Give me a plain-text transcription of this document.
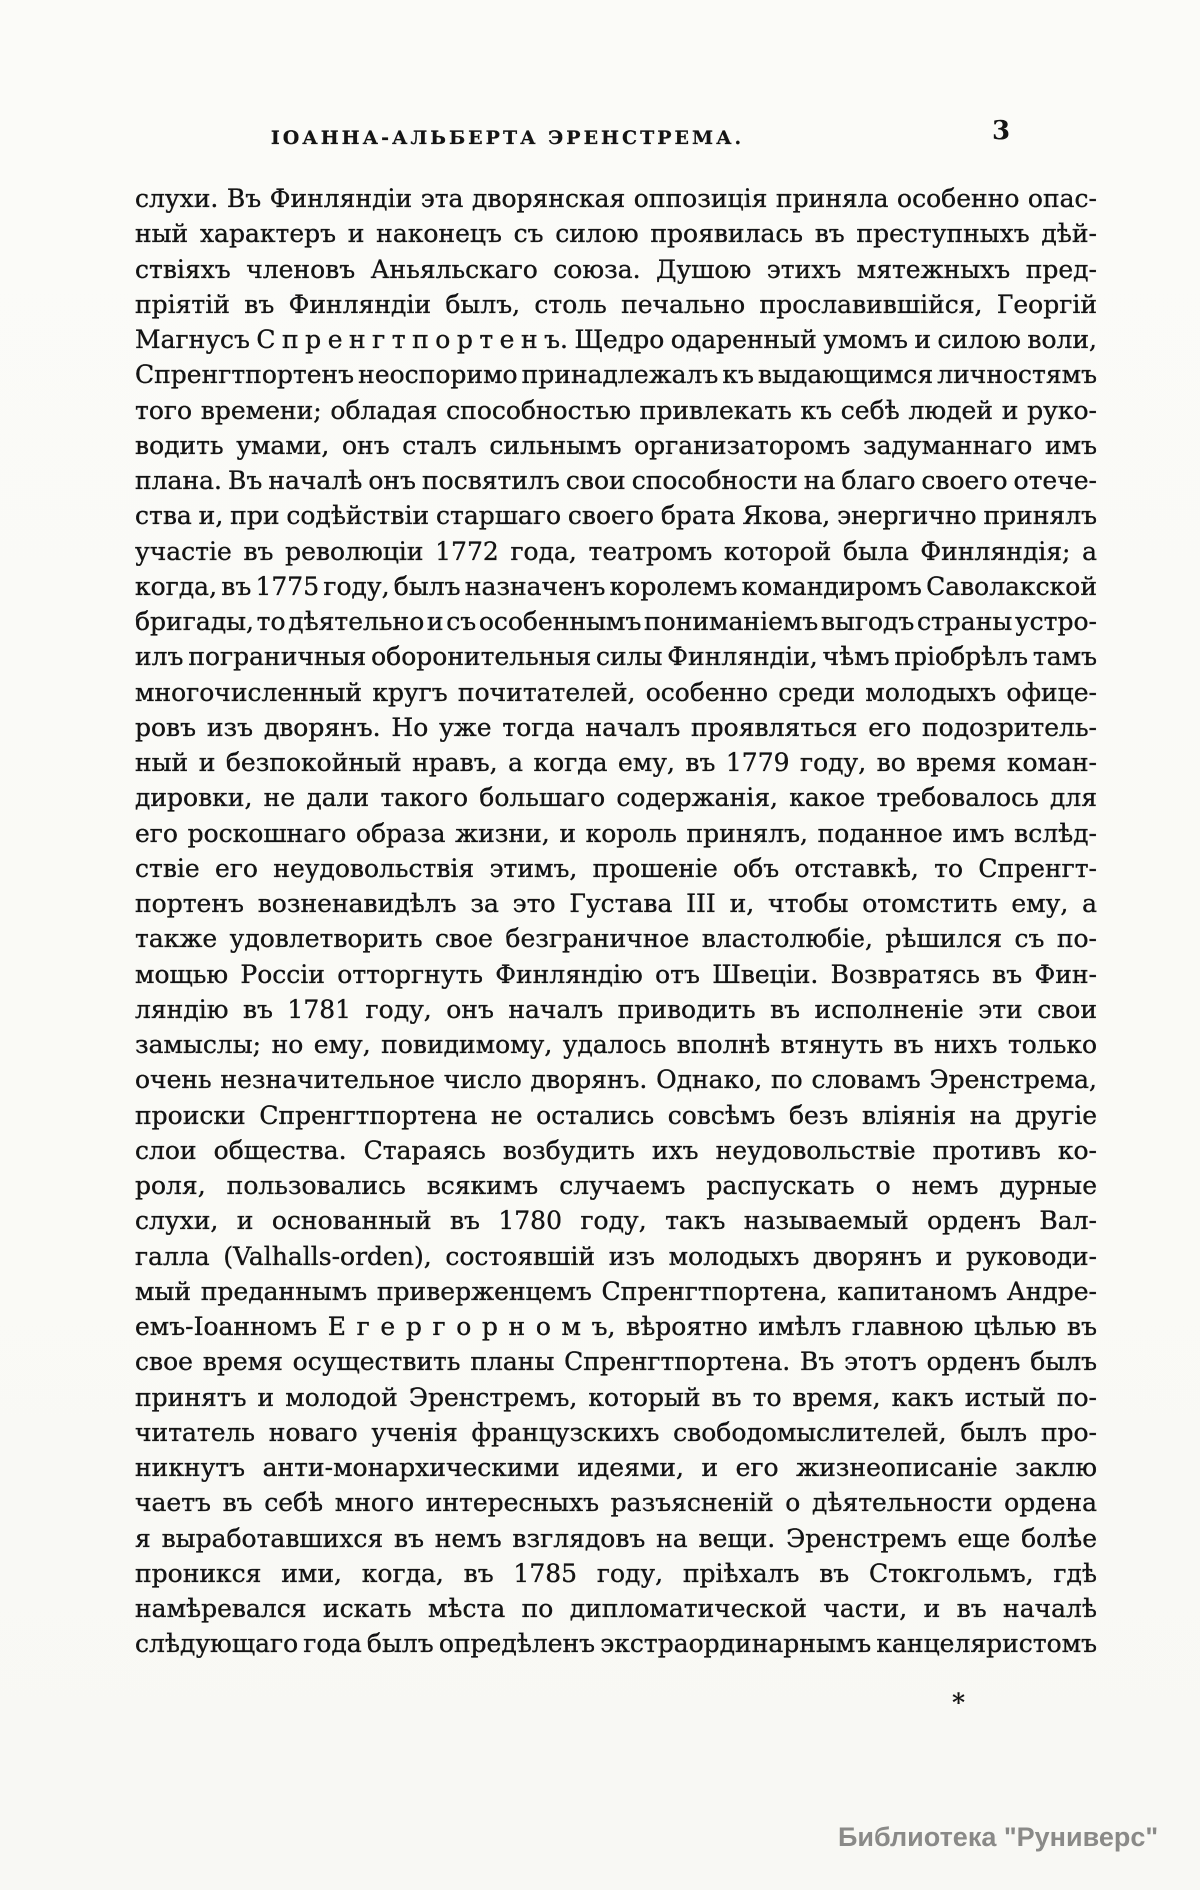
ІОАННА-АЛЬБЕРТА ЭРЕНСТРЕМА.	3
слухи. Въ Финляндіи эта дворянская оппозиція приняла особенно опас-
ный характеръ и наконецъ съ силою проявилась въ преступныхъ дѣй-
ствіяхъ членовъ Аньяльскаго союза. Душою этихъ мятежныхъ пред-
пріятій въ Финляндіи былъ, столь печально прославившійся, Георгій
Магнусъ С п р е н г т п о р т е н ъ. Щедро одаренный умомъ и силою воли,
Спренгтпортенъ неоспоримо принадлежалъ къ выдающимся личностямъ
того времени; обладая способностью привлекать къ себѣ людей и руко-
водить умами, онъ сталъ сильнымъ организаторомъ задуманнаго имъ
плана. Въ началѣ онъ посвятилъ свои способности на благо своего отече-
ства и, при содѣйствіи старшаго своего брата Якова, энергично принялъ
участіе въ революціи 1772 года, театромъ которой была Финляндія; а
когда, въ 1775 году, былъ назначенъ королемъ командиромъ Саволакской
бригады, то дѣятельно и съ особеннымъ пониманіемъ выгодъ страны устро-
илъ пограничныя оборонительныя силы Финляндіи, чѣмъ пріобрѣлъ тамъ
многочисленный кругъ почитателей, особенно среди молодыхъ офице-
ровъ изъ дворянъ. Но уже тогда началъ проявляться его подозритель-
ный и безпокойный нравъ, а когда ему, въ 1779 году, во время коман-
дировки, не дали такого большаго содержанія, какое требовалось для
его роскошнаго образа жизни, и король принялъ, поданное имъ вслѣд-
ствіе его неудовольствія этимъ, прошеніе объ отставкѣ, то Спренгт-
портенъ возненавидѣлъ за это Густава III и, чтобы отомстить ему, а
также удовлетворить свое безграничное властолюбіе, рѣшился съ по-
мощью Россіи отторгнуть Финляндію отъ Швеціи. Возвратясь въ Фин-
ляндію въ 1781 году, онъ началъ приводить въ исполненіе эти свои
замыслы; но ему, повидимому, удалось вполнѣ втянуть въ нихъ только
очень незначительное число дворянъ. Однако, по словамъ Эренстрема,
происки Спренгтпортена не остались совсѣмъ безъ вліянія на другіе
слои общества. Стараясь возбудить ихъ неудовольствіе противъ ко-
роля, пользовались всякимъ случаемъ распускать о немъ дурные
слухи, и основанный въ 1780 году, такъ называемый орденъ Вал-
галла (Valhalls-orden), состоявшій изъ молодыхъ дворянъ и руководи-
мый преданнымъ приверженцемъ Спренгтпортена, капитаномъ Андре-
емъ-Іоанномъ Е г е р г о р н о м ъ, вѣроятно имѣлъ главною цѣлью въ
свое время осуществить планы Спренгтпортена. Въ этотъ орденъ былъ
принятъ и молодой Эренстремъ, который въ то время, какъ истый по-
читатель новаго ученія французскихъ свободомыслителей, былъ про-
никнутъ анти-монархическими идеями, и его жизнеописаніе заклю
чаетъ въ себѣ много интересныхъ разъясненій о дѣятельности ордена
я выработавшихся въ немъ взглядовъ на вещи. Эренстремъ еще болѣе
проникся ими, когда, въ 1785 году, пріѣхалъ въ Стокгольмъ, гдѣ
намѣревался искать мѣста по дипломатической части, и въ началѣ
слѣдующаго года былъ опредѣленъ экстраординарнымъ канцеляристомъ
*
Библиотека "Руниверс"
